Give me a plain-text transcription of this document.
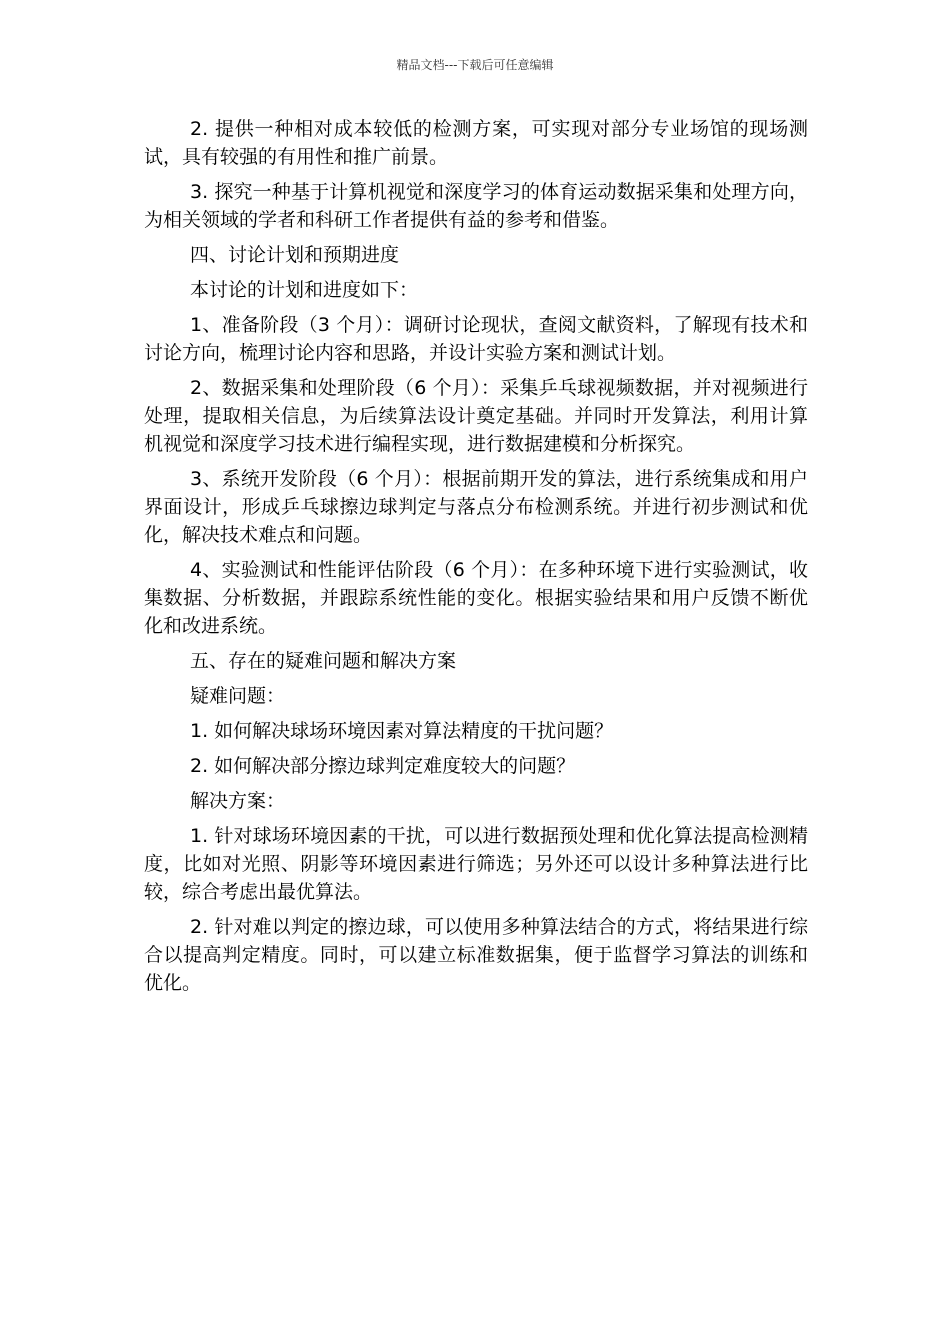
精品文档---下载后可任意编辑

2. 提供一种相对成本较低的检测方案，可实现对部分专业场馆的现场测试，具有较强的有用性和推广前景。

3. 探究一种基于计算机视觉和深度学习的体育运动数据采集和处理方向，为相关领域的学者和科研工作者提供有益的参考和借鉴。

四、讨论计划和预期进度

本讨论的计划和进度如下：

1、准备阶段（3 个月）：调研讨论现状，查阅文献资料，了解现有技术和讨论方向，梳理讨论内容和思路，并设计实验方案和测试计划。

2、数据采集和处理阶段（6 个月）：采集乒乓球视频数据，并对视频进行处理，提取相关信息，为后续算法设计奠定基础。并同时开发算法，利用计算机视觉和深度学习技术进行编程实现，进行数据建模和分析探究。

3、系统开发阶段（6 个月）：根据前期开发的算法，进行系统集成和用户界面设计，形成乒乓球擦边球判定与落点分布检测系统。并进行初步测试和优化，解决技术难点和问题。

4、实验测试和性能评估阶段（6 个月）：在多种环境下进行实验测试，收集数据、分析数据，并跟踪系统性能的变化。根据实验结果和用户反馈不断优化和改进系统。

五、存在的疑难问题和解决方案

疑难问题：

1. 如何解决球场环境因素对算法精度的干扰问题？

2. 如何解决部分擦边球判定难度较大的问题？

解决方案：

1. 针对球场环境因素的干扰，可以进行数据预处理和优化算法提高检测精度，比如对光照、阴影等环境因素进行筛选；另外还可以设计多种算法进行比较，综合考虑出最优算法。

2. 针对难以判定的擦边球，可以使用多种算法结合的方式，将结果进行综合以提高判定精度。同时，可以建立标准数据集，便于监督学习算法的训练和优化。
